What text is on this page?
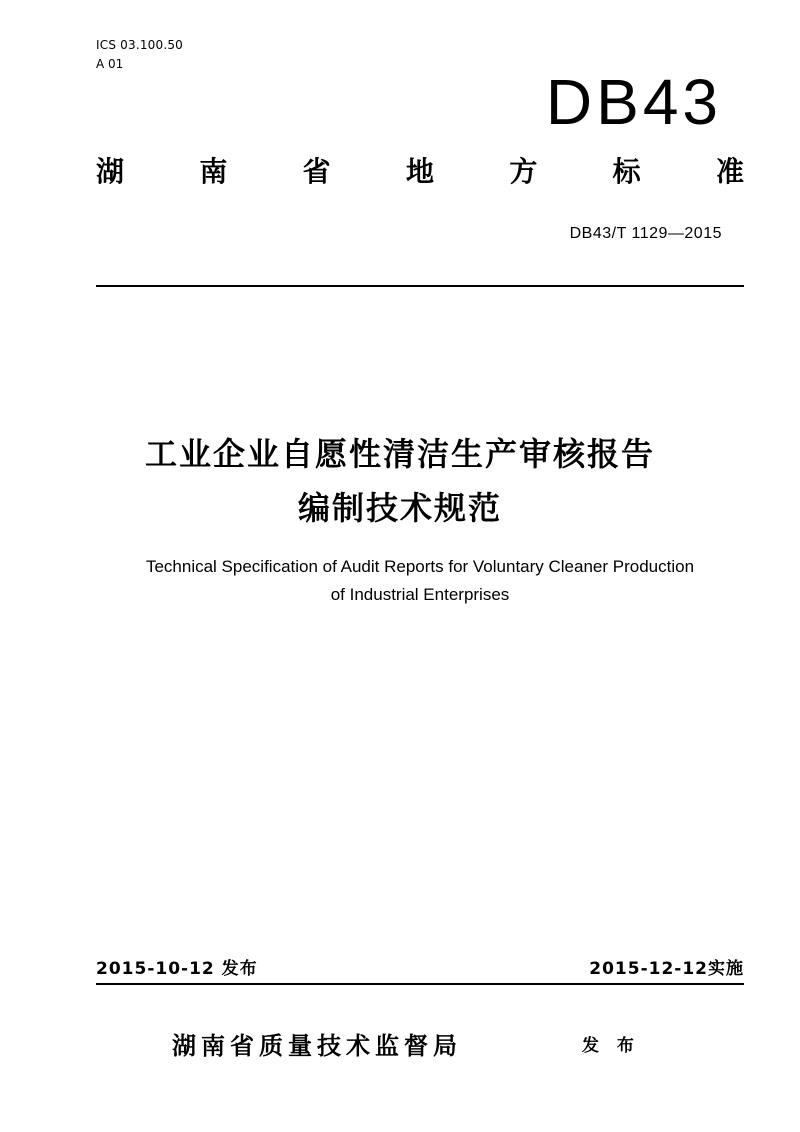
ICS 03.100.50
A 01
DB43
湖	南	省	地	方	标	准
DB43/T 1129—2015
工业企业自愿性清洁生产审核报告
编制技术规范
Technical Specification of Audit Reports for Voluntary Cleaner Production
of Industrial Enterprises
2015-10-12 发布	2015-12-12实施
湖南省质量技术监督局	发 布
